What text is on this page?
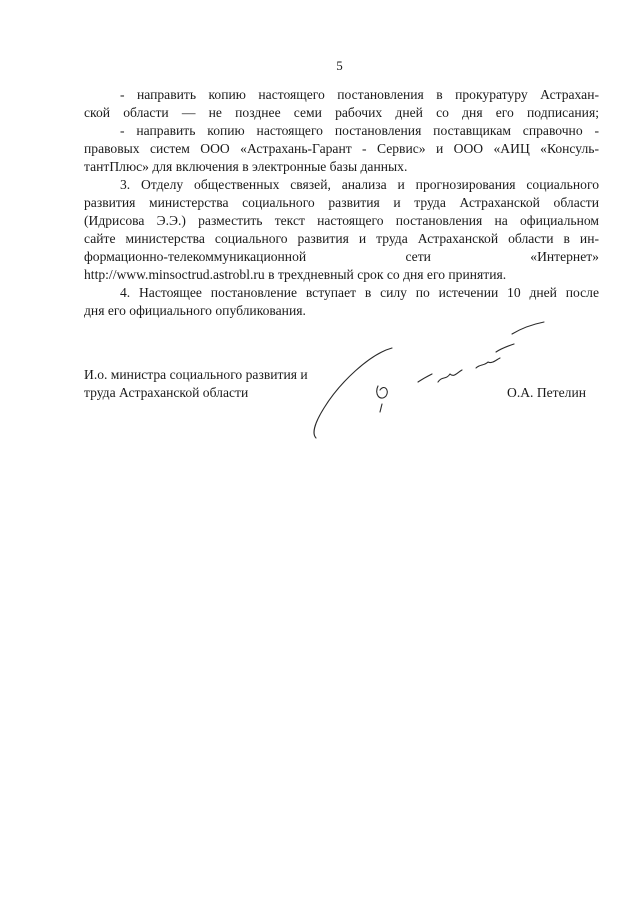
5
- направить копию настоящего постановления в прокуратуру Астрахан-
ской области — не позднее семи рабочих дней со дня его подписания;
- направить копию настоящего постановления поставщикам справочно -
правовых систем ООО «Астрахань-Гарант - Сервис» и ООО «АИЦ «Консуль-
тантПлюс» для включения в электронные базы данных.
3. Отделу общественных связей, анализа и прогнозирования социального
развития министерства социального развития и труда Астраханской области
(Идрисова Э.Э.) разместить текст настоящего постановления на официальном
сайте министерства социального развития и труда Астраханской области в ин-
формационно-телекоммуникационной	сети	«Интернет»
http://www.minsoctrud.astrobl.ru в трехдневный срок со дня его принятия.
4. Настоящее постановление вступает в силу по истечении 10 дней после
дня его официального опубликования.
И.о. министра социального развития и
труда Астраханской области	О.А. Петелин
